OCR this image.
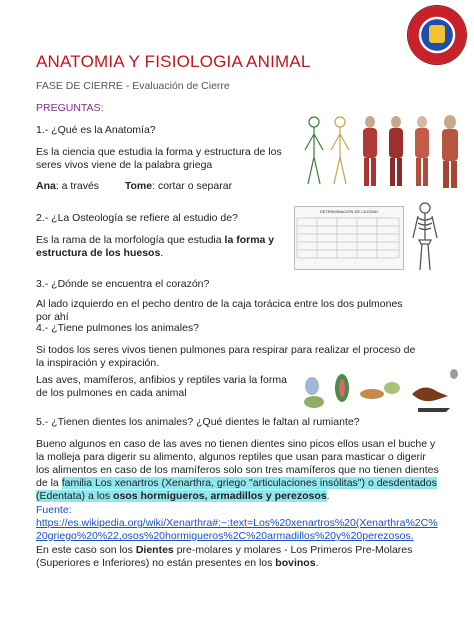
ANATOMIA Y FISIOLOGIA ANIMAL
FASE DE CIERRE - Evaluación de Cierre
PREGUNTAS:
1.- ¿Qué es la Anatomía?
Es la ciencia que estudia la forma y estructura de los seres vivos viene de la palabra griega
Ana: a través Tome: cortar o separar
2.- ¿La Osteología se refiere al estudio de?
Es la rama de la morfología que estudia la forma y estructura de los huesos.
DETERMINACIÓN DE LA EDAD
3.- ¿Dónde se encuentra el corazón?
Al lado izquierdo en el pecho dentro de la caja torácica entre los dos pulmones por ahí
4.- ¿Tiene pulmones los animales?
Si todos los seres vivos tienen pulmones para respirar para realizar el proceso de la inspiración y expiración.
Las aves, mamíferos, anfibios y reptiles varia la forma de los pulmones en cada animal
5.- ¿Tienen dientes los animales? ¿Qué dientes le faltan al rumiante?
Bueno algunos en caso de las aves no tienen dientes sino picos ellos usan el buche y la molleja para digerir su alimento, algunos reptiles que usan para masticar o digerir los alimentos en caso de los mamíferos solo son tres mamíferos que no tienen dientes de la familia Los xenartros (Xenarthra, griego "articulaciones insólitas") o desdentados (Edentata) a los osos hormigueros, armadillos y perezosos.
Fuente:
https://es.wikipedia.org/wiki/Xenarthra#:~:text=Los%20xenartros%20(Xenarthra%2C%20griego%20%22,osos%20hormigueros%2C%20armadillos%20y%20perezosos.
En este caso son los Dientes pre-molares y molares - Los Primeros Pre-Molares (Superiores e Inferiores) no están presentes en los bovinos.
